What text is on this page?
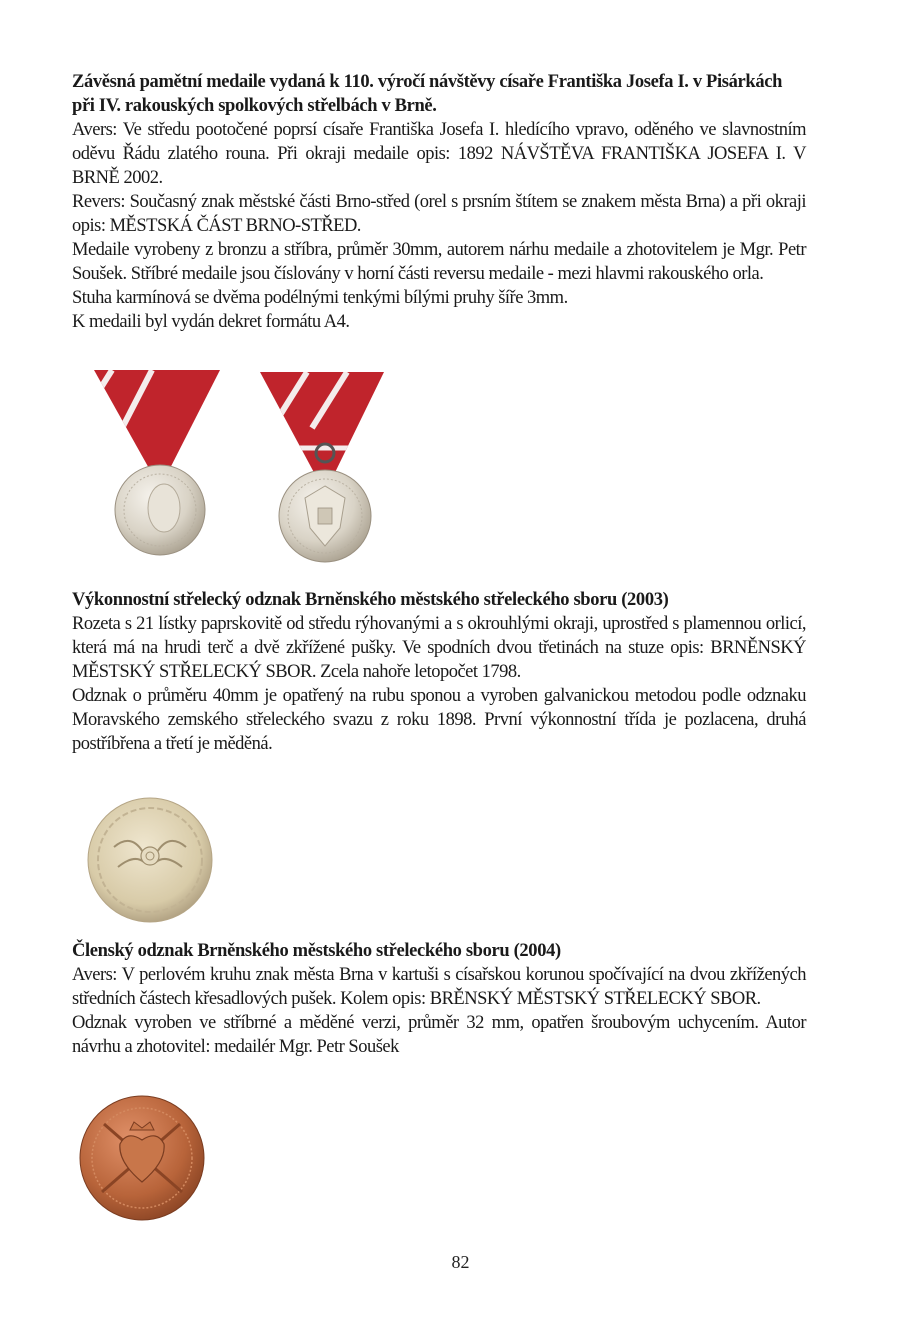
Závěsná pamětní medaile vydaná k 110. výročí návštěvy císaře Františka Josefa I. v Pisárkách při IV. rakouských spolkových střelbách v Brně.
Avers: Ve středu pootočené poprsí císaře Františka Josefa I. hledícího vpravo, oděného ve slavnostním oděvu Řádu zlatého rouna. Při okraji medaile opis: 1892 NÁVŠTĚVA FRANTIŠKA JOSEFA I. V BRNĚ 2002.
Revers: Současný znak městské části Brno-střed (orel s prsním štítem se znakem města Brna) a při okraji opis: MĚSTSKÁ ČÁST BRNO-STŘED.
Medaile vyrobeny z bronzu a stříbra, průměr 30mm, autorem nárhu medaile a zhotovitelem je Mgr. Petr Soušek. Stříbré medaile jsou číslovány v horní části reversu medaile - mezi hlavmi rakouského orla.
Stuha karmínová se dvěma podélnými tenkými bílými pruhy šíře 3mm.
K medaili byl vydán dekret formátu A4.
Výkonnostní střelecký odznak Brněnského městského střeleckého sboru (2003)
Rozeta s 21 lístky paprskovitě od středu rýhovanými a s okrouhlými okraji, uprostřed s plamennou orlicí, která má na hrudi terč a dvě zkřížené pušky. Ve spodních dvou třetinách na stuze opis: BRNĚNSKÝ MĚSTSKÝ STŘELECKÝ SBOR. Zcela nahoře letopočet 1798.
Odznak o průměru 40mm je opatřený na rubu sponou a vyroben galvanickou metodou podle odznaku Moravského zemského střeleckého svazu z roku 1898. První výkonnostní třída je pozlacena, druhá postříbřena a třetí je měděná.
Členský odznak Brněnského městského střeleckého sboru (2004)
Avers: V perlovém kruhu znak města Brna v kartuši s císařskou korunou spočívající na dvou zkřížených středních částech křesadlových pušek. Kolem opis: BRĚNSKÝ MĚSTSKÝ STŘELECKÝ SBOR.
Odznak vyroben ve stříbrné a měděné verzi, průměr 32 mm, opatřen šroubovým uchycením. Autor návrhu a zhotovitel: medailér Mgr. Petr Soušek
82
